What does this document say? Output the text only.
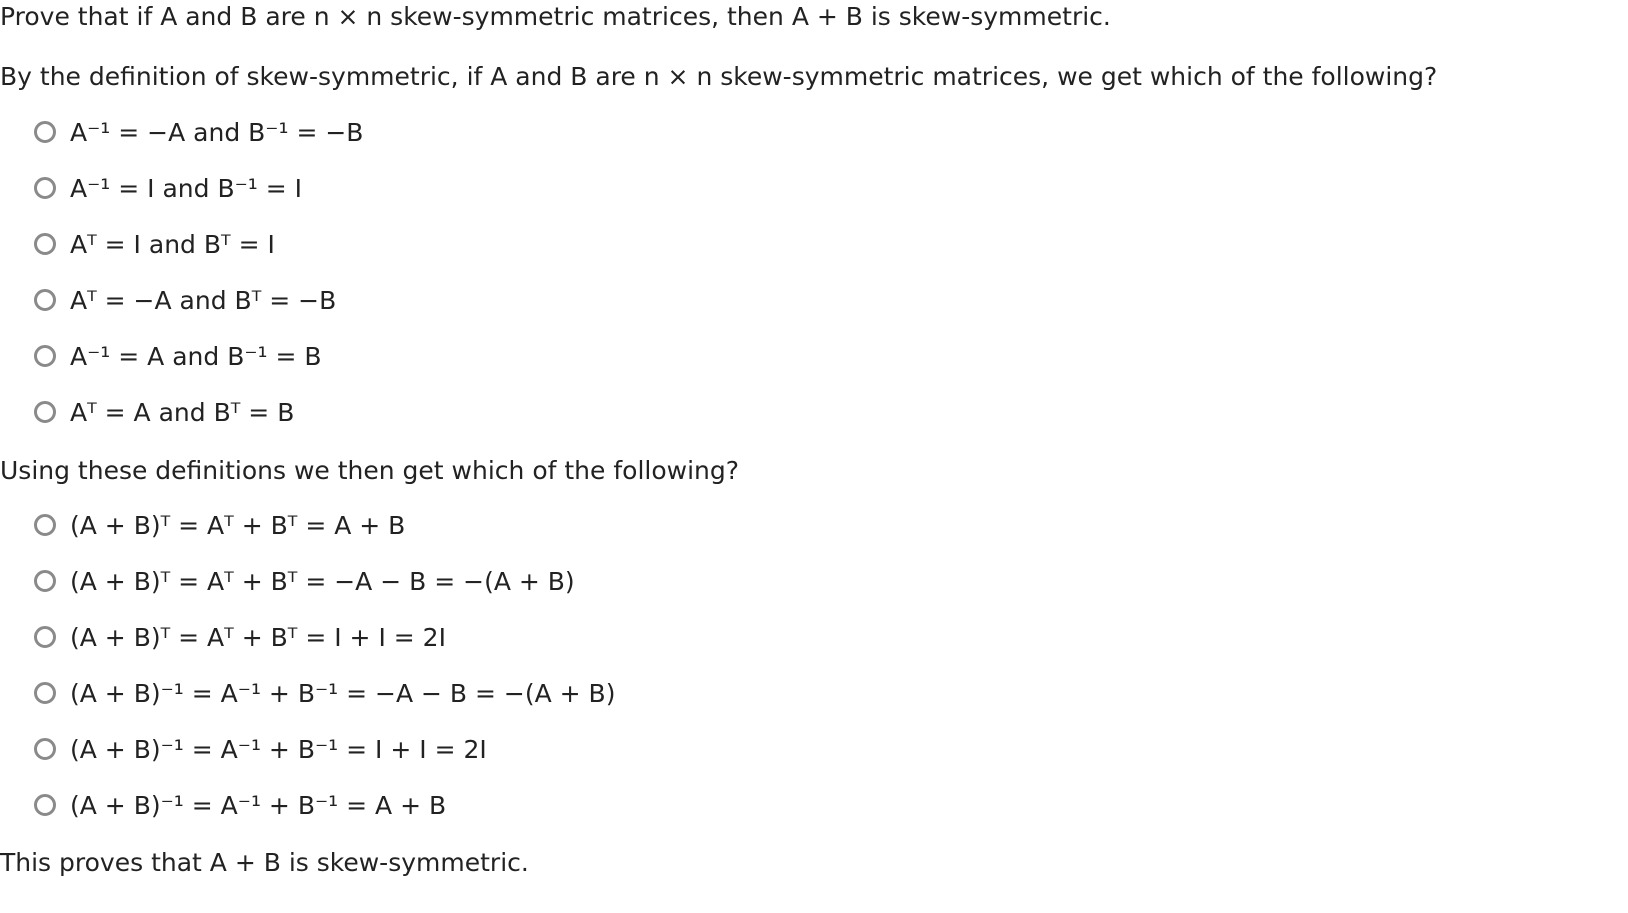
Prove that if A and B are n × n skew-symmetric matrices, then A + B is skew-symmetric.
By the definition of skew-symmetric, if A and B are n × n skew-symmetric matrices, we get which of the following?
A⁻¹ = −A and B⁻¹ = −B
A⁻¹ = I and B⁻¹ = I
Aᵀ = I and Bᵀ = I
Aᵀ = −A and Bᵀ = −B
A⁻¹ = A and B⁻¹ = B
Aᵀ = A and Bᵀ = B
Using these definitions we then get which of the following?
(A + B)ᵀ = Aᵀ + Bᵀ = A + B
(A + B)ᵀ = Aᵀ + Bᵀ = −A − B = −(A + B)
(A + B)ᵀ = Aᵀ + Bᵀ = I + I = 2I
(A + B)⁻¹ = A⁻¹ + B⁻¹ = −A − B = −(A + B)
(A + B)⁻¹ = A⁻¹ + B⁻¹ = I + I = 2I
(A + B)⁻¹ = A⁻¹ + B⁻¹ = A + B
This proves that A + B is skew-symmetric.
